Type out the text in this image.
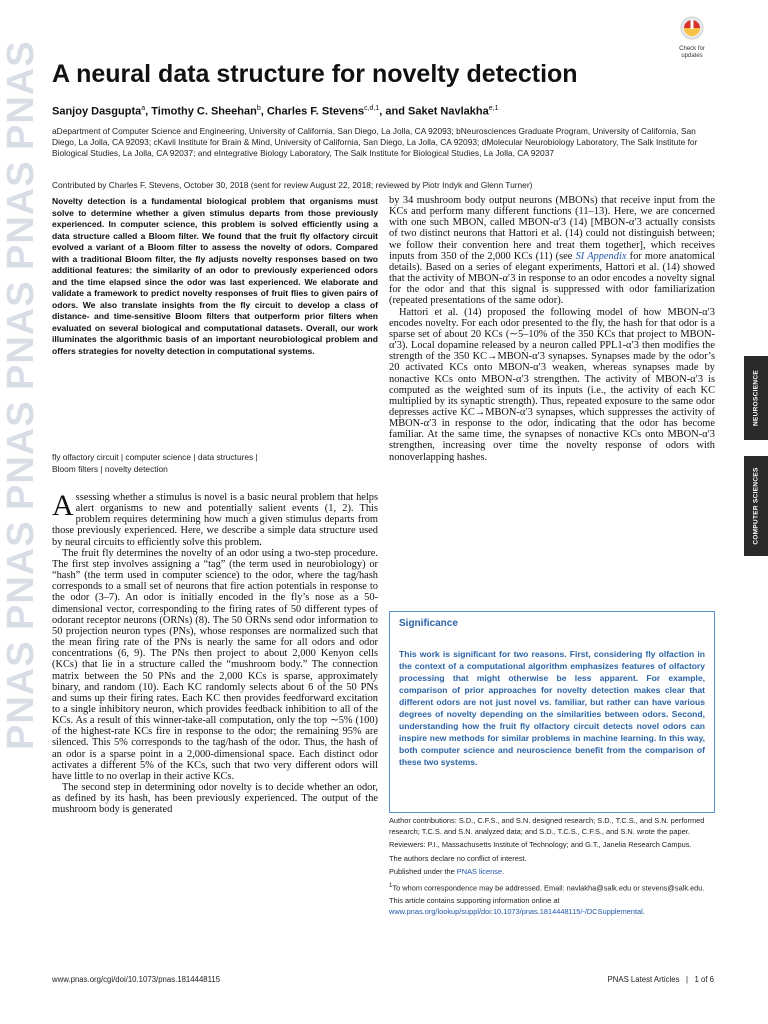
PNAS
PNAS
PNAS
PNAS
PNAS
PNAS
Check for updates
A neural data structure for novelty detection
Sanjoy Dasgupta$^a$, Timothy C. Sheehan$^b$, Charles F. Stevens$^{c,d,1}$, and Saket Navlakha$^{e,1}$
aDepartment of Computer Science and Engineering, University of California, San Diego, La Jolla, CA 92093; bNeurosciences Graduate Program, University of California, San Diego, La Jolla, CA 92093; cKavli Institute for Brain & Mind, University of California, San Diego, La Jolla, CA 92093; dMolecular Neurobiology Laboratory, The Salk Institute for Biological Studies, La Jolla, CA 92037; and eIntegrative Biology Laboratory, The Salk Institute for Biological Studies, La Jolla, CA 92037
Contributed by Charles F. Stevens, October 30, 2018 (sent for review August 22, 2018; reviewed by Piotr Indyk and Glenn Turner)
Novelty detection is a fundamental biological problem that organisms must solve to determine whether a given stimulus departs from those previously experienced. In computer science, this problem is solved efficiently using a data structure called a Bloom filter. We found that the fruit fly olfactory circuit evolved a variant of a Bloom filter to assess the novelty of odors. Compared with a traditional Bloom filter, the fly adjusts novelty responses based on two additional features: the similarity of an odor to previously experienced odors and the time elapsed since the odor was last experienced. We elaborate and validate a framework to predict novelty responses of fruit flies to given pairs of odors. We also translate insights from the fly circuit to develop a class of distance- and time-sensitive Bloom filters that outperform prior filters when evaluated on several biological and computational datasets. Overall, our work illuminates the algorithmic basis of an important neurobiological problem and offers strategies for novelty detection in computational systems.
fly olfactory circuit | computer science | data structures |
Bloom filters | novelty detection

Assessing whether a stimulus is novel is a basic neural problem that helps alert organisms to new and potentially salient events (1, 2). This problem requires determining how much a given stimulus departs from those previously experienced. Here, we describe a simple data structure used by neural circuits to efficiently solve this problem.

The fruit fly determines the novelty of an odor using a two-step procedure. The first step involves assigning a “tag” (the term used in neurobiology) or “hash” (the term used in computer science) to the odor, where the tag/hash corresponds to a small set of neurons that fire action potentials in response to the odor (3–7). An odor is initially encoded in the fly’s nose as a 50-dimensional vector, corresponding to the firing rates of 50 different types of odorant receptor neurons (ORNs) (8). The 50 ORNs send odor information to 50 projection neuron types (PNs), whose responses are normalized such that the mean firing rate of the PNs is nearly the same for all odors and odor concentrations (6, 9). The PNs then project to about 2,000 Kenyon cells (KCs) that lie in a structure called the “mushroom body.” The connection matrix between the 50 PNs and the 2,000 KCs is sparse, approximately binary, and random (10). Each KC randomly selects about 6 of the 50 PNs and sums up their firing rates. Each KC then provides feedforward excitation to a single inhibitory neuron, which provides feedback inhibition to all of the KCs. As a result of this winner-take-all computation, only the top ∼5% (100) of the highest-rate KCs fire in response to the odor; the remaining 95% are silenced. This 5% corresponds to the tag/hash of the odor. Thus, the hash of an odor is a sparse point in a 2,000-dimensional space. Each distinct odor activates a different 5% of the KCs, such that two very different odors will have little to no overlap in their active KCs.

The second step in determining odor novelty is to decide whether an odor, as defined by its hash, has been previously experienced. The output of the mushroom body is generated

by 34 mushroom body output neurons (MBONs) that receive input from the KCs and perform many different functions (11–13). Here, we are concerned with one such MBON, called MBON-α′3 (14) [MBON-α′3 actually consists of two distinct neurons that Hattori et al. (14) could not distinguish between; we follow their convention here and treat them together], which receives inputs from 350 of the 2,000 KCs (11) (see SI Appendix for more anatomical details). Based on a series of elegant experiments, Hattori et al. (14) showed that the activity of MBON-α′3 in response to an odor encodes a novelty signal for the odor and that this signal is suppressed with odor familiarization (repeated presentations of the same odor).

Hattori et al. (14) proposed the following model of how MBON-α′3 encodes novelty. For each odor presented to the fly, the hash for that odor is a sparse set of about 20 KCs (∼5–10% of the 350 KCs that project to MBON-α′3). Local dopamine released by a neuron called PPL1-α′3 then modifies the strength of the 350 KC→MBON-α′3 synapses. Synapses made by the odor’s 20 activated KCs onto MBON-α′3 weaken, whereas synapses made by nonactive KCs onto MBON-α′3 strengthen. The activity of MBON-α′3 is computed as the weighted sum of its inputs (i.e., the activity of each KC multiplied by its synaptic strength). Thus, repeated exposure to the same odor depresses active KC→MBON-α′3 synapses, which suppresses the activity of MBON-α′3 in response to the odor, indicating that the odor has become familiar. At the same time, the synapses of nonactive KCs onto MBON-α′3 strengthen, increasing over time the novelty response of odors with nonoverlapping hashes.

Significance
This work is significant for two reasons. First, considering fly olfaction in the context of a computational algorithm emphasizes features of olfactory processing that might otherwise be less apparent. For example, comparison of prior approaches for novelty detection makes clear that different odors are not just novel vs. familiar, but rather can have various degrees of novelty depending on the similarities between odors. Second, understanding how the fruit fly olfactory circuit detects novel odors can inspire new methods for similar problems in machine learning. In this way, both computer science and neuroscience benefit from the comparison of these two systems.

Author contributions: S.D., C.F.S., and S.N. designed research; S.D., T.C.S., and S.N. performed research; T.C.S. and S.N. analyzed data; and S.D., T.C.S., C.F.S., and S.N. wrote the paper.

Reviewers: P.I., Massachusetts Institute of Technology; and G.T., Janelia Research Campus.

The authors declare no conflict of interest.

Published under the PNAS license.

$^1$To whom correspondence may be addressed. Email: navlakha@salk.edu or stevens@salk.edu.

This article contains supporting information online at www.pnas.org/lookup/suppl/doi:10.1073/pnas.1814448115/-/DCSupplemental.

NEUROSCIENCE
COMPUTER SCIENCES
www.pnas.org/cgi/doi/10.1073/pnas.1814448115	PNAS Latest Articles   |   1 of 6
